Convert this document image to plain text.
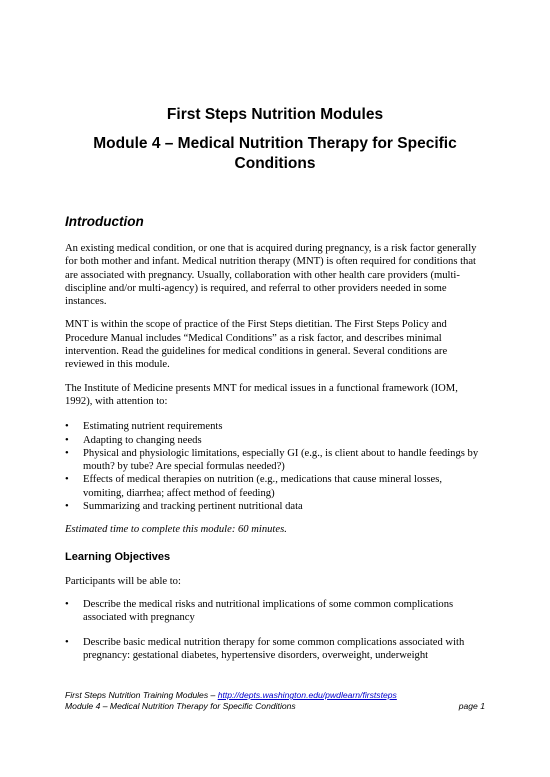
First Steps Nutrition Modules
Module 4 – Medical Nutrition Therapy for Specific Conditions
Introduction

An existing medical condition, or one that is acquired during pregnancy, is a risk factor generally for both mother and infant. Medical nutrition therapy (MNT) is often required for conditions that are associated with pregnancy. Usually, collaboration with other health care providers (multi-discipline and/or multi-agency) is required, and referral to other providers needed in some instances.

MNT is within the scope of practice of the First Steps dietitian. The First Steps Policy and Procedure Manual includes “Medical Conditions” as a risk factor, and describes minimal intervention. Read the guidelines for medical conditions in general. Several conditions are reviewed in this module.

The Institute of Medicine presents MNT for medical issues in a functional framework (IOM, 1992), with attention to:

• Estimating nutrient requirements
• Adapting to changing needs
• Physical and physiologic limitations, especially GI (e.g., is client about to handle feedings by mouth? by tube? Are special formulas needed?)
• Effects of medical therapies on nutrition (e.g., medications that cause mineral losses, vomiting, diarrhea; affect method of feeding)
• Summarizing and tracking pertinent nutritional data

Estimated time to complete this module: 60 minutes.

Learning Objectives

Participants will be able to:

• Describe the medical risks and nutritional implications of some common complications associated with pregnancy
• Describe basic medical nutrition therapy for some common complications associated with pregnancy: gestational diabetes, hypertensive disorders, overweight, underweight
First Steps Nutrition Training Modules – http://depts.washington.edu/pwdlearn/firststeps
Module 4 – Medical Nutrition Therapy for Specific Conditions	page 1
